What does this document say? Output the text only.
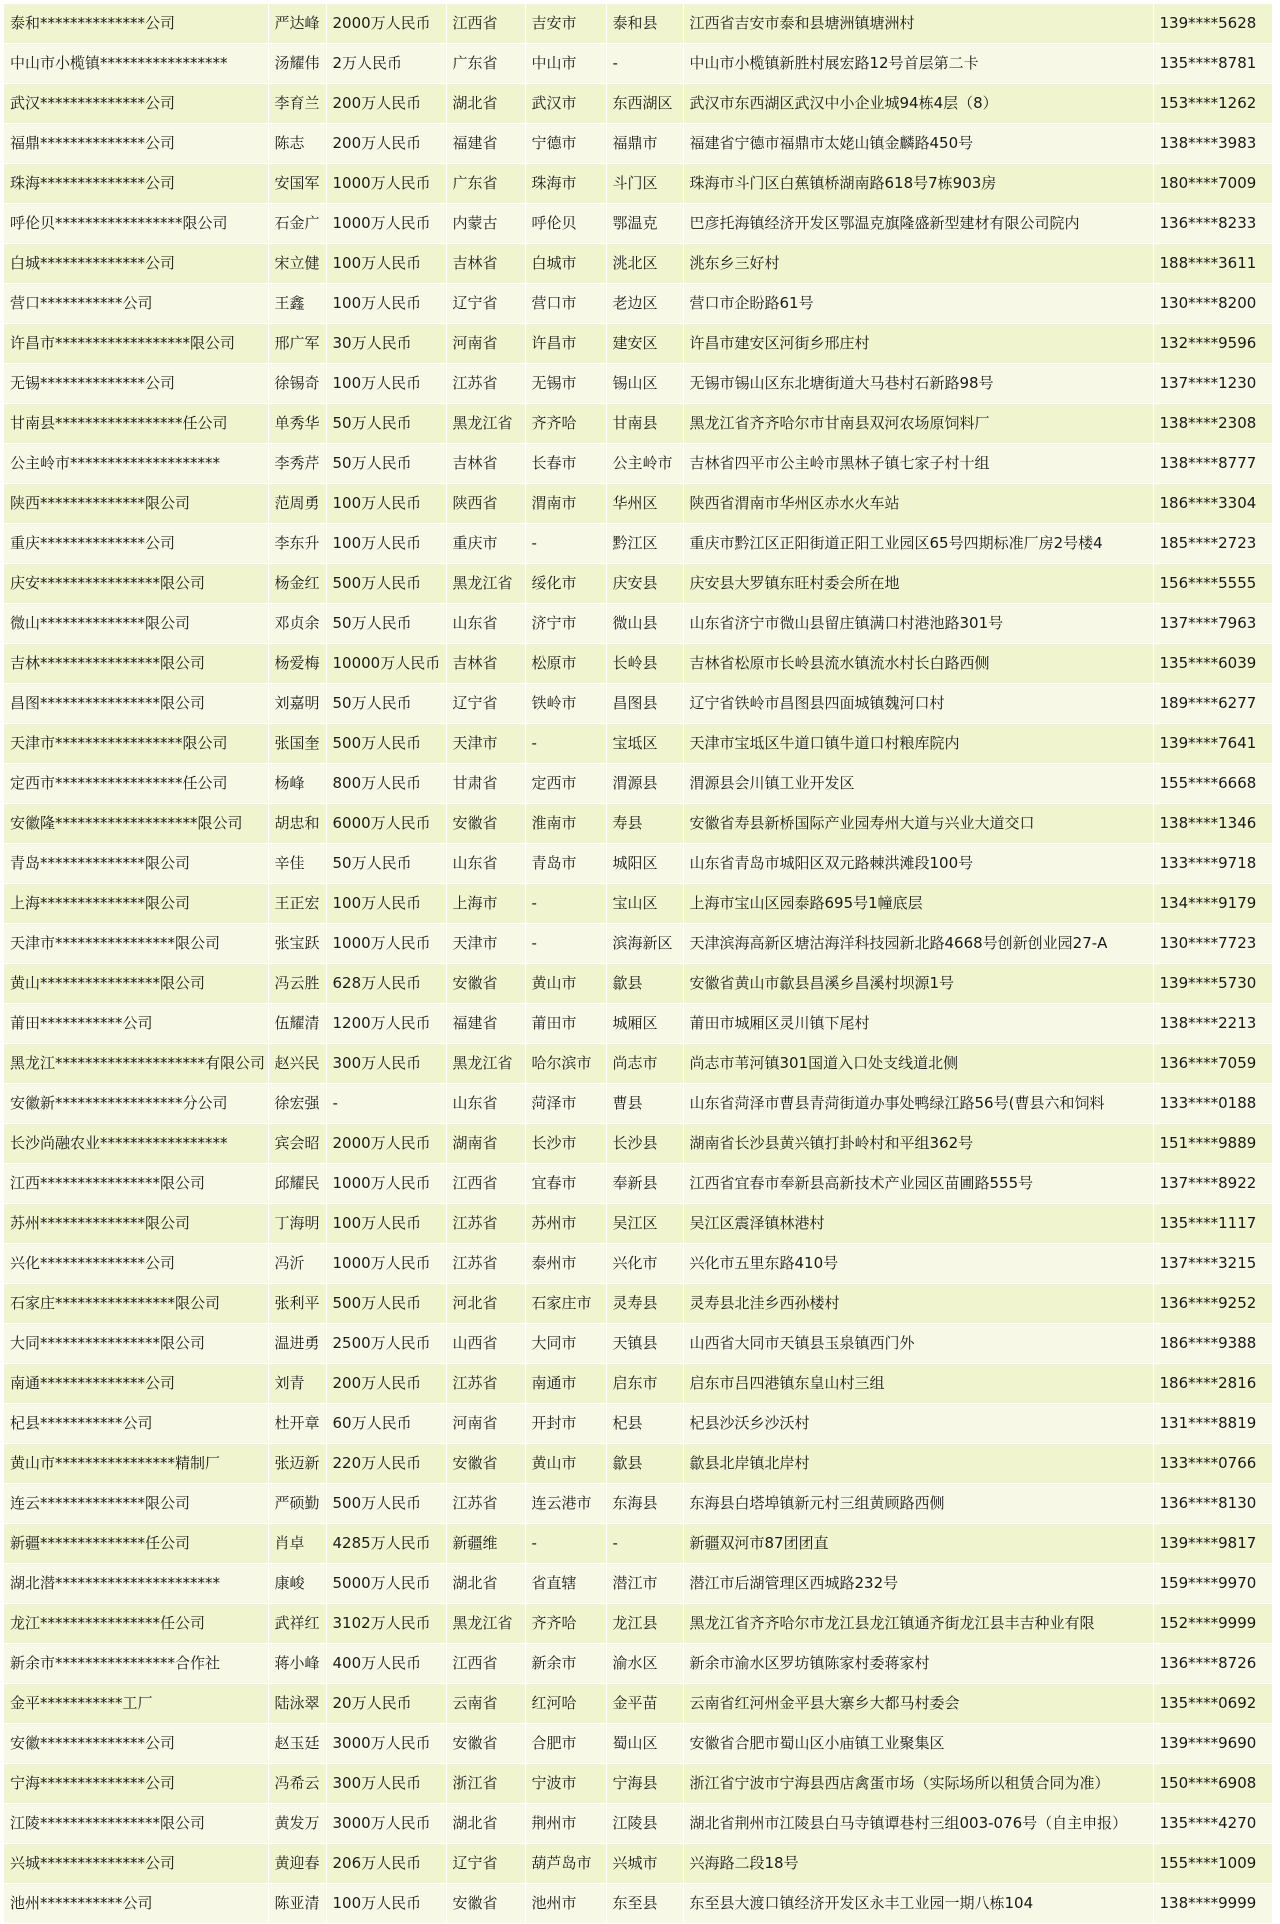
泰和**************公司	严达峰	2000万人民币	江西省	吉安市	泰和县	江西省吉安市泰和县塘洲镇塘洲村	139****5628
中山市小榄镇*****************	汤耀伟	2万人民币	广东省	中山市	-	中山市小榄镇新胜村展宏路12号首层第二卡	135****8781
武汉**************公司	李育兰	200万人民币	湖北省	武汉市	东西湖区	武汉市东西湖区武汉中小企业城94栋4层（8）	153****1262
福鼎**************公司	陈志	200万人民币	福建省	宁德市	福鼎市	福建省宁德市福鼎市太姥山镇金麟路450号	138****3983
珠海**************公司	安国军	1000万人民币	广东省	珠海市	斗门区	珠海市斗门区白蕉镇桥湖南路618号7栋903房	180****7009
呼伦贝*****************限公司	石金广	1000万人民币	内蒙古	呼伦贝	鄂温克	巴彦托海镇经济开发区鄂温克旗隆盛新型建材有限公司院内	136****8233
白城**************公司	宋立健	100万人民币	吉林省	白城市	洮北区	洮东乡三好村	188****3611
营口***********公司	王鑫	100万人民币	辽宁省	营口市	老边区	营口市企盼路61号	130****8200
许昌市******************限公司	邢广军	30万人民币	河南省	许昌市	建安区	许昌市建安区河街乡邢庄村	132****9596
无锡**************公司	徐锡奇	100万人民币	江苏省	无锡市	锡山区	无锡市锡山区东北塘街道大马巷村石新路98号	137****1230
甘南县*****************任公司	单秀华	50万人民币	黑龙江省	齐齐哈	甘南县	黑龙江省齐齐哈尔市甘南县双河农场原饲料厂	138****2308
公主岭市********************	李秀芹	50万人民币	吉林省	长春市	公主岭市	吉林省四平市公主岭市黑林子镇七家子村十组	138****8777
陕西**************限公司	范周勇	100万人民币	陕西省	渭南市	华州区	陕西省渭南市华州区赤水火车站	186****3304
重庆**************公司	李东升	100万人民币	重庆市	-	黔江区	重庆市黔江区正阳街道正阳工业园区65号四期标准厂房2号楼4	185****2723
庆安****************限公司	杨金红	500万人民币	黑龙江省	绥化市	庆安县	庆安县大罗镇东旺村委会所在地	156****5555
微山**************限公司	邓贞余	50万人民币	山东省	济宁市	微山县	山东省济宁市微山县留庄镇满口村港池路301号	137****7963
吉林****************限公司	杨爱梅	10000万人民币	吉林省	松原市	长岭县	吉林省松原市长岭县流水镇流水村长白路西侧	135****6039
昌图****************限公司	刘嘉明	50万人民币	辽宁省	铁岭市	昌图县	辽宁省铁岭市昌图县四面城镇魏河口村	189****6277
天津市*****************限公司	张国奎	500万人民币	天津市	-	宝坻区	天津市宝坻区牛道口镇牛道口村粮库院内	139****7641
定西市*****************任公司	杨峰	800万人民币	甘肃省	定西市	渭源县	渭源县会川镇工业开发区	155****6668
安徽隆*******************限公司	胡忠和	6000万人民币	安徽省	淮南市	寿县	安徽省寿县新桥国际产业园寿州大道与兴业大道交口	138****1346
青岛**************限公司	辛佳	50万人民币	山东省	青岛市	城阳区	山东省青岛市城阳区双元路棘洪滩段100号	133****9718
上海**************限公司	王正宏	100万人民币	上海市	-	宝山区	上海市宝山区园泰路695号1幢底层	134****9179
天津市****************限公司	张宝跃	1000万人民币	天津市	-	滨海新区	天津滨海高新区塘沽海洋科技园新北路4668号创新创业园27-A	130****7723
黄山****************限公司	冯云胜	628万人民币	安徽省	黄山市	歙县	安徽省黄山市歙县昌溪乡昌溪村坝源1号	139****5730
莆田***********公司	伍耀清	1200万人民币	福建省	莆田市	城厢区	莆田市城厢区灵川镇下尾村	138****2213
黑龙江********************有限公司	赵兴民	300万人民币	黑龙江省	哈尔滨市	尚志市	尚志市苇河镇301国道入口处支线道北侧	136****7059
安徽新*****************分公司	徐宏强	-	山东省	菏泽市	曹县	山东省菏泽市曹县青菏街道办事处鸭绿江路56号(曹县六和饲料	133****0188
长沙尚融农业*****************	宾会昭	2000万人民币	湖南省	长沙市	长沙县	湖南省长沙县黄兴镇打卦岭村和平组362号	151****9889
江西****************限公司	邱耀民	1000万人民币	江西省	宜春市	奉新县	江西省宜春市奉新县高新技术产业园区苗圃路555号	137****8922
苏州**************限公司	丁海明	100万人民币	江苏省	苏州市	吴江区	吴江区震泽镇林港村	135****1117
兴化**************公司	冯沂	1000万人民币	江苏省	泰州市	兴化市	兴化市五里东路410号	137****3215
石家庄****************限公司	张利平	500万人民币	河北省	石家庄市	灵寿县	灵寿县北洼乡西孙楼村	136****9252
大同****************限公司	温进勇	2500万人民币	山西省	大同市	天镇县	山西省大同市天镇县玉泉镇西门外	186****9388
南通**************公司	刘青	200万人民币	江苏省	南通市	启东市	启东市吕四港镇东皇山村三组	186****2816
杞县***********公司	杜开章	60万人民币	河南省	开封市	杞县	杞县沙沃乡沙沃村	131****8819
黄山市****************精制厂	张迈新	220万人民币	安徽省	黄山市	歙县	歙县北岸镇北岸村	133****0766
连云**************限公司	严硕勤	500万人民币	江苏省	连云港市	东海县	东海县白塔埠镇新元村三组黄顾路西侧	136****8130
新疆**************任公司	肖卓	4285万人民币	新疆维	-	-	新疆双河市87团团直	139****9817
湖北潜**********************	康峻	5000万人民币	湖北省	省直辖	潜江市	潜江市后湖管理区西城路232号	159****9970
龙江****************任公司	武祥红	3102万人民币	黑龙江省	齐齐哈	龙江县	黑龙江省齐齐哈尔市龙江县龙江镇通齐街龙江县丰吉种业有限	152****9999
新余市****************合作社	蒋小峰	400万人民币	江西省	新余市	渝水区	新余市渝水区罗坊镇陈家村委蒋家村	136****8726
金平***********工厂	陆泳翠	20万人民币	云南省	红河哈	金平苗	云南省红河州金平县大寨乡大都马村委会	135****0692
安徽**************公司	赵玉廷	3000万人民币	安徽省	合肥市	蜀山区	安徽省合肥市蜀山区小庙镇工业聚集区	139****9690
宁海**************公司	冯希云	300万人民币	浙江省	宁波市	宁海县	浙江省宁波市宁海县西店禽蛋市场（实际场所以租赁合同为准）	150****6908
江陵****************限公司	黄发万	3000万人民币	湖北省	荆州市	江陵县	湖北省荆州市江陵县白马寺镇谭巷村三组003-076号（自主申报）	135****4270
兴城**************公司	黄迎春	206万人民币	辽宁省	葫芦岛市	兴城市	兴海路二段18号	155****1009
池州***********公司	陈亚清	100万人民币	安徽省	池州市	东至县	东至县大渡口镇经济开发区永丰工业园一期八栋104	138****9999
